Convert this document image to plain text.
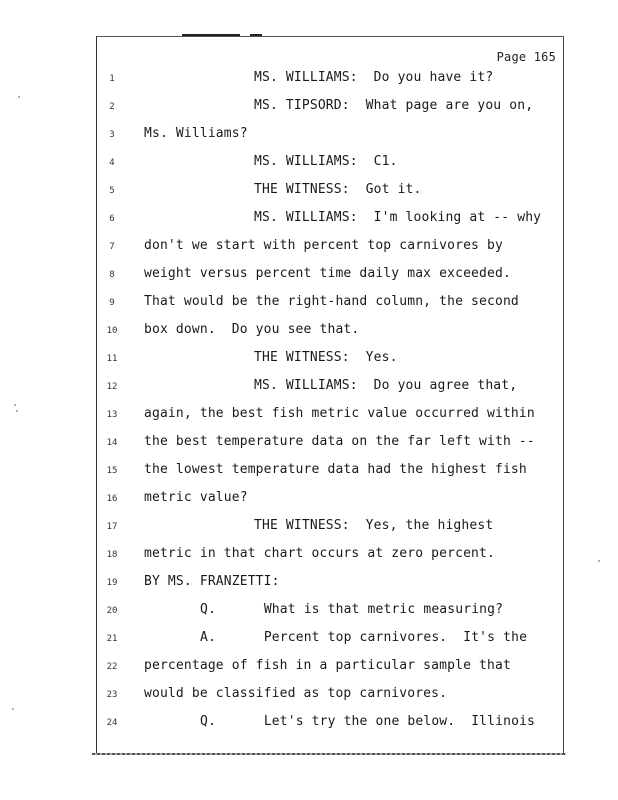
Page 165
1	MS. WILLIAMS:  Do you have it?
2	MS. TIPSORD:  What page are you on,
3	Ms. Williams?
4	MS. WILLIAMS:  C1.
5	THE WITNESS:  Got it.
6	MS. WILLIAMS:  I'm looking at -- why
7	don't we start with percent top carnivores by
8	weight versus percent time daily max exceeded.
9	That would be the right-hand column, the second
10	box down.  Do you see that.
11	THE WITNESS:  Yes.
12	MS. WILLIAMS:  Do you agree that,
13	again, the best fish metric value occurred within
14	the best temperature data on the far left with --
15	the lowest temperature data had the highest fish
16	metric value?
17	THE WITNESS:  Yes, the highest
18	metric in that chart occurs at zero percent.
19	BY MS. FRANZETTI:
20	Q.      What is that metric measuring?
21	A.      Percent top carnivores.  It's the
22	percentage of fish in a particular sample that
23	would be classified as top carnivores.
24	Q.      Let's try the one below.  Illinois
